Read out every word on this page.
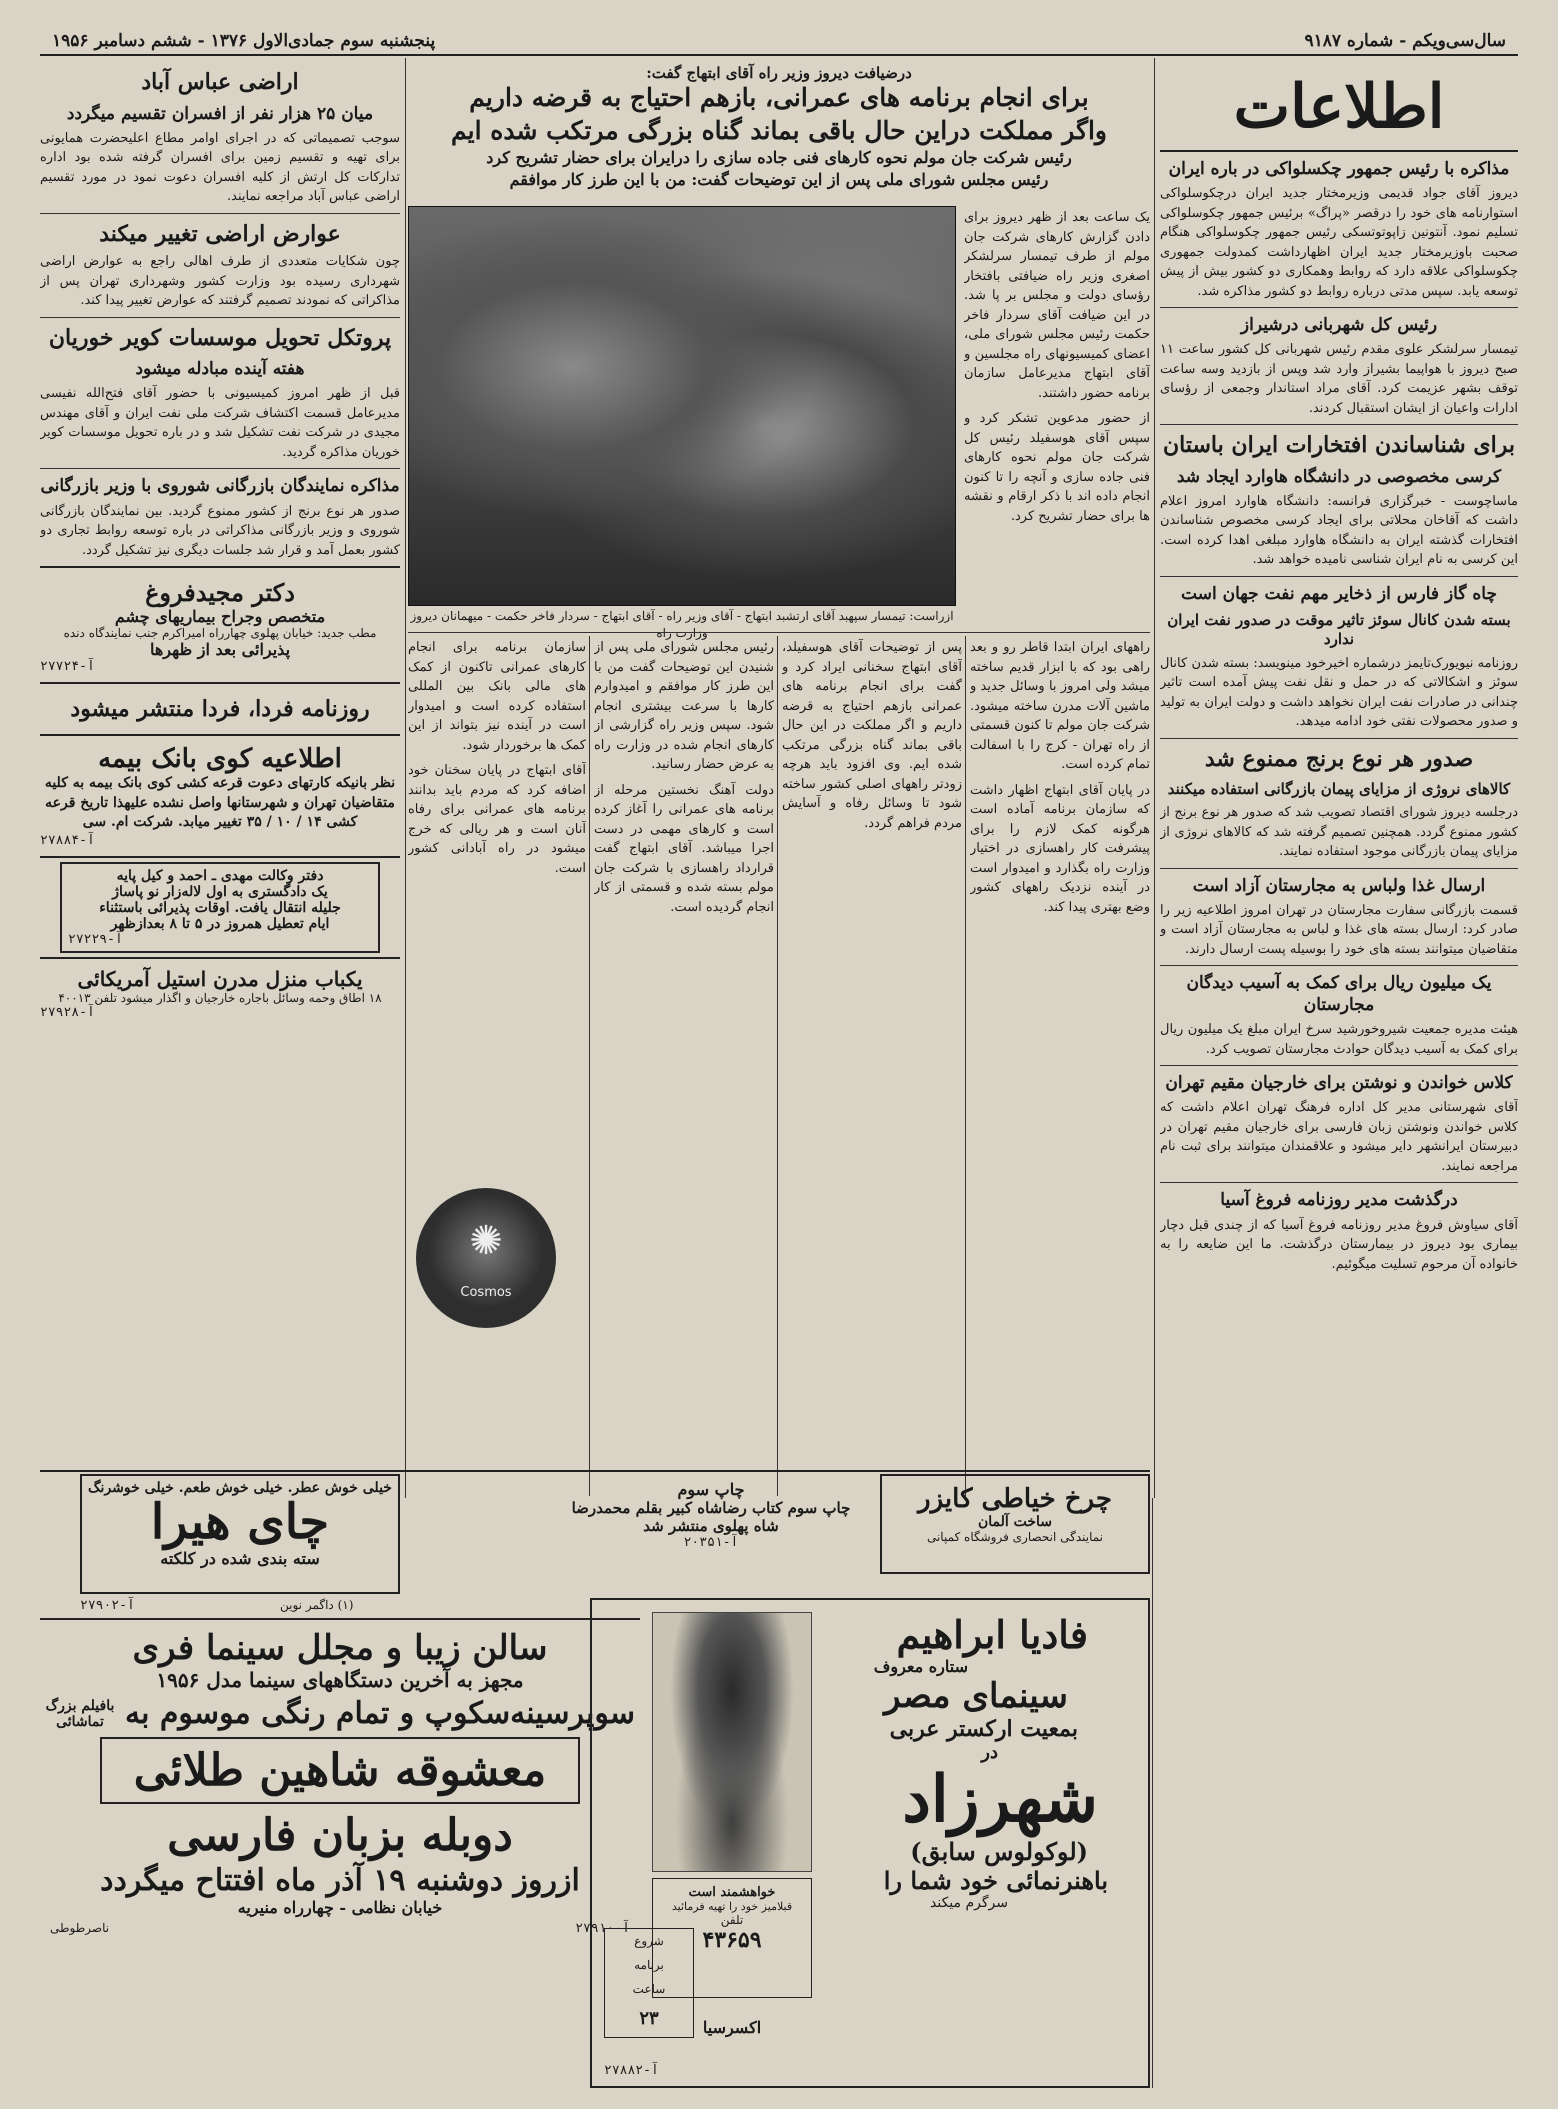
سال‌سی‌ویکم - شماره ۹۱۸۷
پنجشنبه سوم جمادی‌الاول ۱۳۷۶ - ششم دسامبر ۱۹۵۶
اطلاعات
مذاکره با رئیس جمهور چکسلواکی در باره ایران

دیروز آقای جواد قدیمی وزیرمختار جدید ایران درچکوسلواکی استوارنامه های خود را درقصر «پراگ» برئیس جمهور چکوسلواکی تسلیم نمود. آنتونین زاپوتوتسکی رئیس جمهور چکوسلواکی هنگام صحبت باوزیرمختار جدید ایران اظهارداشت کمدولت جمهوری چکوسلواکی علاقه دارد که روابط وهمکاری دو کشور بیش از پیش توسعه یابد. سپس مدتی درباره روابط دو کشور مذاکره شد.

رئیس کل شهربانی درشیراز

تیمسار سرلشکر علوی مقدم رئیس شهربانی کل کشور ساعت ۱۱ صبح دیروز با هواپیما بشیراز وارد شد وپس از بازدید وسه ساعت توقف بشهر عزیمت کرد. آقای مراد استاندار وجمعی از رؤسای ادارات واعیان از ایشان استقبال کردند.

برای شناساندن افتخارات ایران باستان
کرسی مخصوصی در دانشگاه هاوارد ایجاد شد

ماساچوست - خبرگزاری فرانسه: دانشگاه هاوارد امروز اعلام داشت که آقاخان محلاتی برای ایجاد کرسی مخصوص شناساندن افتخارات گذشته ایران به دانشگاه هاوارد مبلغی اهدا کرده است. این کرسی به نام ایران شناسی نامیده خواهد شد.

چاه گاز فارس از ذخایر مهم نفت جهان است
بسته شدن کانال سوئز تاثیر موقت در صدور نفت ایران ندارد

روزنامه نیویورک‌تایمز درشماره اخیرخود مینویسد: بسته شدن کانال سوئز و اشکالاتی که در حمل و نقل نفت پیش آمده است تاثیر چندانی در صادرات نفت ایران نخواهد داشت و دولت ایران به تولید و صدور محصولات نفتی خود ادامه میدهد.

صدور هر نوع برنج ممنوع شد
کالاهای نروژی از مزایای پیمان بازرگانی استفاده میکنند

درجلسه دیروز شورای اقتصاد تصویب شد که صدور هر نوع برنج از کشور ممنوع گردد. همچنین تصمیم گرفته شد که کالاهای نروژی از مزایای پیمان بازرگانی موجود استفاده نمایند.

ارسال غذا ولباس به مجارستان آزاد است

قسمت بازرگانی سفارت مجارستان در تهران امروز اطلاعیه زیر را صادر کرد: ارسال بسته های غذا و لباس به مجارستان آزاد است و متقاضیان میتوانند بسته های خود را بوسیله پست ارسال دارند.

یک میلیون ریال برای کمک به آسیب دیدگان مجارستان

هیئت مدیره جمعیت شیروخورشید سرخ ایران مبلغ یک میلیون ریال برای کمک به آسیب دیدگان حوادث مجارستان تصویب کرد.

کلاس خواندن و نوشتن برای خارجیان مقیم تهران

آقای شهرستانی مدیر کل اداره فرهنگ تهران اعلام داشت که کلاس خواندن ونوشتن زبان فارسی برای خارجیان مقیم تهران در دبیرستان ایرانشهر دایر میشود و علاقمندان میتوانند برای ثبت نام مراجعه نمایند.

درگذشت مدیر روزنامه فروغ آسیا

آقای سیاوش فروغ مدیر روزنامه فروغ آسیا که از چندی قبل دچار بیماری بود دیروز در بیمارستان درگذشت. ما این ضایعه را به خانواده آن مرحوم تسلیت میگوئیم.

درضیافت دیروز وزیر راه آقای ابتهاج گفت:
برای انجام برنامه های عمرانی، بازهم احتیاج به قرضه داریم
واگر مملکت دراین حال باقی بماند گناه بزرگی مرتکب شده ایم
رئیس شرکت جان مولم نحوه کارهای فنی جاده سازی را درایران برای حضار تشریح کرد
رئیس مجلس شورای ملی پس از این توضیحات گفت: من با این طرز کار موافقم
ازراست: تیمسار سپهبد آقای ارتشبد ابتهاج - آقای وزیر راه - آقای ابتهاج - سردار فاخر حکمت - میهمانان دیروز وزارت راه

یک ساعت بعد از ظهر دیروز برای دادن گزارش کارهای شرکت جان مولم از طرف تیمسار سرلشکر اصغری وزیر راه ضیافتی بافتخار رؤسای دولت و مجلس بر پا شد. در این ضیافت آقای سردار فاخر حکمت رئیس مجلس شورای ملی، اعضای کمیسیونهای راه مجلسین و آقای ابتهاج مدیرعامل سازمان برنامه حضور داشتند.

از حضور مدعوین تشکر کرد و سپس آقای هوسفیلد رئیس کل شرکت جان مولم نحوه کارهای فنی جاده سازی و آنچه را تا کنون انجام داده اند با ذکر ارقام و نقشه ها برای حضار تشریح کرد.

راههای ایران ابتدا قاطر رو و بعد راهی بود که با ابزار قدیم ساخته میشد ولی امروز با وسائل جدید و ماشین آلات مدرن ساخته میشود. شرکت جان مولم تا کنون قسمتی از راه تهران - کرج را با اسفالت تمام کرده است.

در پایان آقای ابتهاج اظهار داشت که سازمان برنامه آماده است هرگونه کمک لازم را برای پیشرفت کار راهسازی در اختیار وزارت راه بگذارد و امیدوار است در آینده نزدیک راههای کشور وضع بهتری پیدا کند.

پس از توضیحات آقای هوسفیلد، آقای ابتهاج سخنانی ایراد کرد و گفت برای انجام برنامه های عمرانی بازهم احتیاج به قرضه داریم و اگر مملکت در این حال باقی بماند گناه بزرگی مرتکب شده ایم. وی افزود باید هرچه زودتر راههای اصلی کشور ساخته شود تا وسائل رفاه و آسایش مردم فراهم گردد.

رئیس مجلس شورای ملی پس از شنیدن این توضیحات گفت من با این طرز کار موافقم و امیدوارم کارها با سرعت بیشتری انجام شود. سپس وزیر راه گزارشی از کارهای انجام شده در وزارت راه به عرض حضار رسانید.

دولت آهنگ نخستین مرحله از برنامه های عمرانی را آغاز کرده است و کارهای مهمی در دست اجرا میباشد. آقای ابتهاج گفت قرارداد راهسازی با شرکت جان مولم بسته شده و قسمتی از کار انجام گردیده است.

سازمان برنامه برای انجام کارهای عمرانی تاکنون از کمک های مالی بانک بین المللی استفاده کرده است و امیدوار است در آینده نیز بتواند از این کمک ها برخوردار شود.

آقای ابتهاج در پایان سخنان خود اضافه کرد که مردم باید بدانند برنامه های عمرانی برای رفاه آنان است و هر ریالی که خرج میشود در راه آبادانی کشور است.

✺
Cosmos
اراضی عباس آباد
میان ۲۵ هزار نفر از افسران تقسیم میگردد

سوجب تصمیماتی که در اجرای اوامر مطاع اعلیحضرت همایونی برای تهیه و تقسیم زمین برای افسران گرفته شده بود اداره تدارکات کل ارتش از کلیه افسران دعوت نمود در مورد تقسیم اراضی عباس آباد مراجعه نمایند.

عوارض اراضی تغییر میکند

چون شکایات متعددی از طرف اهالی راجع به عوارض اراضی شهرداری رسیده بود وزارت کشور وشهرداری تهران پس از مذاکراتی که نمودند تصمیم گرفتند که عوارض تغییر پیدا کند.

پروتکل تحویل موسسات کویر خوریان
هفته آینده مبادله میشود

قبل از ظهر امروز کمیسیونی با حضور آقای فتح‌الله نفیسی مدیرعامل قسمت اکتشاف شرکت ملی نفت ایران و آقای مهندس مجیدی در شرکت نفت تشکیل شد و در باره تحویل موسسات کویر خوریان مذاکره گردید.

مذاکره نمایندگان بازرگانی شوروی با وزیر بازرگانی

صدور هر نوع برنج از کشور ممنوع گردید. بین نمایندگان بازرگانی شوروی و وزیر بازرگانی مذاکراتی در باره توسعه روابط تجاری دو کشور بعمل آمد و قرار شد جلسات دیگری نیز تشکیل گردد.

دکتر مجیدفروغ
متخصص وجراح بیماریهای چشم
مطب جدید: خیابان پهلوی چهارراه امیراکرم جنب نمایندگاه دنده
پذیرائی بعد از ظهرها
آ-۲۷۷۲۴
روزنامه فردا، فردا منتشر میشود
اطلاعیه کوی بانک بیمه
نظر بانیکه کارتهای دعوت قرعه کشی کوی بانک بیمه به کلیه متقاضیان تهران و شهرستانها واصل نشده علیهذا تاریخ قرعه کشی ۱۴ / ۱۰ / ۳۵ تغییر میابد. شرکت ام. سی
آ-۲۷۸۸۴
دفتر وکالت مهدی ـ احمد و کیل پایه
یک دادگستری به اول لاله‌زار نو پاساژ
جلیله انتقال یافت. اوقات پذیرائی باستثناء
ایام تعطیل همروز در ۵ تا ۸ بعدازظهر
آ-۲۷۲۲۹
یکباب منزل مدرن استیل آمریکائی
۱۸ اطاق وحمه وسائل باجاره خارجیان و اگذار میشود تلفن ۴۰۰۱۳
آ-۲۷۹۲۸
چرخ خیاطی کایزر
ساخت آلمان
نمایندگی انحصاری فروشگاه کمپانی
چاپ سوم
چاپ سوم کتاب رضاشاه کبیر بقلم محمدرضا
شاه پهلوی منتشر شد
آ-۲۰۳۵۱
خیلی خوش عطر. خیلی خوش طعم. خیلی خوشرنگ
چای هیرا
سته بندی شده در کلکته
آ-۲۷۹۰۲	(۱) داگمر نوین
سالن زیبا و مجلل سینما فری
مجهز به آخرین دستگاههای سینما مدل ۱۹۵۶
بافیلم بزرگ تماشائی سوپرسینه‌سکوپ و تمام رنگی موسوم به
معشوقه شاهین طلائی
دوبله بزبان فارسی
ازروز دوشنبه ۱۹ آذر ماه افتتاح میگردد
خیابان نظامی - چهارراه منیریه
آ-۲۷۹۱۰
ناصرطوطی
فادیا ابراهیم
ستاره معروف
سینمای مصر
بمعیت ارکستر عربی
در
شهرزاد
(لوکولوس سابق)
باهنرنمائی خود شما را
سرگرم میکند
شروع
برنامه
ساعت
۲۳
آ-۲۷۸۸۲
خواهشمند است
قبلامیز خود را تهیه فرمائید
تلفن
۴۳۶۵۹
اکسرسیا
